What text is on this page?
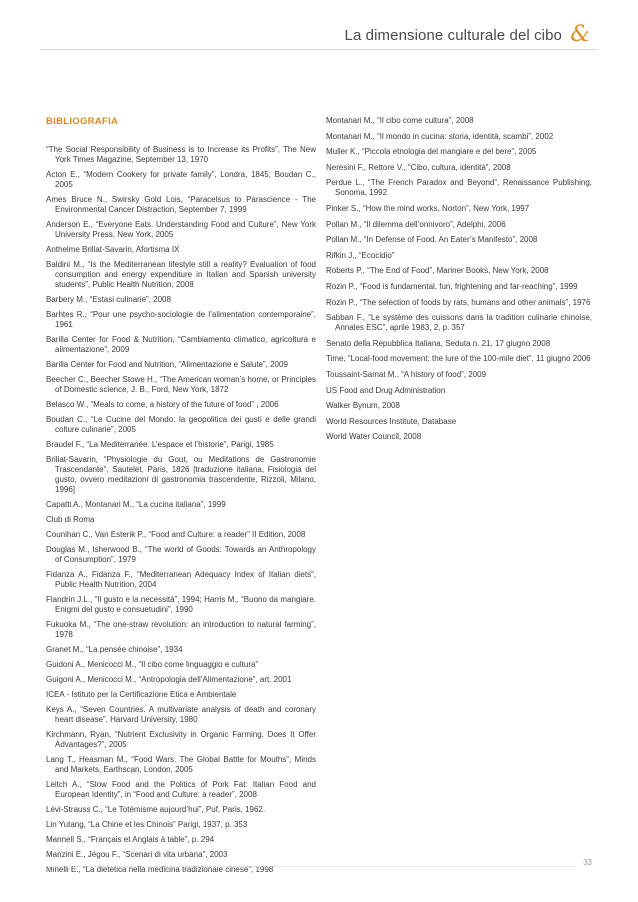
La dimensione culturale del cibo &
BIBLIOGRAFIA
“The Social Responsibility of Business is to Increase its Profits”, The New York Times Magazine, September 13, 1970
Acton E., “Modern Cookery for private family”, Londra, 1845; Boudan C., 2005
Ames Bruce N., Swirsky Gold Lois, “Paracelsus to Parascience - The Environmental Cancer Distraction, September 7, 1999
Anderson E., “Everyone Eats. Understanding Food and Culture”, New York University Press, New York, 2005
Anthelme Brillat-Savarin, Afortisma IX
Baldini M., “Is the Mediterranean lifestyle still a reality? Evaluation of food consumption and energy expenditure in Italian and Spanish university students”, Public Health Nutrition, 2008
Barbery M., “Estasi culinarie”, 2008
Barhtes R., “Pour une psycho-sociologie de l’alimentation contemporaine”, 1961
Barilla Center for Food & Nutrition, “Cambiamento climatico, agricoltura e alimentazione”, 2009
Barilla Center for Food and Nutrition, “Alimentazione e Salute”, 2009
Beecher C., Beecher Stowe H., “The American woman’s home, or Principles of Domestic science, J. B., Ford, New York, 1872
Belasco W., “Meals to come, a history of the future of food” , 2006
Boudan C., “Le Cucine del Mondo: la geopolitica dei gusti e delle grandi colture culinarie”, 2005
Braudel F., “La Mediterranée. L’espace et l’historie”, Parigi, 1985
Brillat-Savarin, “Physiologie du Gout, ou Meditations de Gastronomie Trascendante”, Sautelet, Paris, 1826 [traduzione italiana, Fisiologia del gusto, ovvero meditazioni di gastronomia trascendente, Rizzoli, Milano, 1996]
Capatti A., Montanari M., “La cucina italiana”, 1999
Club di Roma
Counihan C., Van Esterik P., “Food and Culture: a reader” II Edition, 2008
Douglas M., Isherwood B., “The world of Goods: Towards an Anthropology of Consumption”, 1979
Fidanza A., Fidanza F., “Mediterranean Adequacy Index of Italian diets”, Public Health Nutrition, 2004
Flandrin J.L., “Il gusto e la necessità”, 1994; Harris M., “Buono da mangiare. Enigmi del gusto e consuetudini”, 1990
Fukuoka M., “The one-straw revolution: an introduction to natural farming”, 1978
Granet M., “La pensée chinoise”, 1934
Guidoni A., Menicocci M., “Il cibo come linguaggio e cultura”
Guigoni A., Menicocci M., “Antropologia dell’Alimentazione”, art. 2001
ICEA - Istituto per la Certificazione Etica e Ambientale
Keys A., “Seven Countries. A multivariate analysis of death and coronary heart disease”, Harvard University, 1980
Kirchmann, Ryan, “Nutrient Exclusivity in Organic Farming. Does It Offer Advantages?”, 2005
Lang T., Heasman M., “Food Wars. The Global Battle for Mouths”, Minds and Markets, Earthscan, London, 2005
Leitch A., “Slow Food and the Politics of Pork Fat: Italian Food and European Identity”, in “Food and Culture: a reader”, 2008
Lévi-Strauss C., “Le Totémisme aujourd’hui”, Puf, Paris, 1962.
Lin Yutang, “La Chine et les Chinois” Parigi, 1937, p. 353
Mannell S., “Français et Anglais à table”, p. 294
Manzini E., Jégou F., “Scenari di vita urbana”, 2003
Minelli E., “La dietetica nella medicina tradizionale cinese”, 1998
Montanari M., “Il cibo come cultura”, 2008
Montanari M., “Il mondo in cucina: storia, identità, scambi”, 2002
Muller K., “Piccola etnologia del mangiare e del bere”, 2005
Neresini F., Rettore V., “Cibo, cultura, identità”, 2008
Perdue L., “The French Paradox and Beyond”, Renaissance Publishing, Sonoma, 1992
Pinker S., “How the mind works, Norton”, New York, 1997
Pollan M., “Il dilemma dell’onnivoro”, Adelphi, 2006
Pollan M., “In Defense of Food. An Eater’s Manifesto”, 2008
Rifkin J., “Ecocidio”
Roberts P., “The End of Food”, Mariner Books, New York, 2008
Rozin P., “Food is fundamental, fun, frightening and far-reaching”, 1999
Rozin P., “The selection of foods by rats, humans and other animals”, 1976
Sabban F., “Le système des cuissons dans la tradition culinarie chinoise, Annales ESC”, aprile 1983, 2, p. 357
Senato della Repubblica Italiana, Seduta n. 21, 17 giugno 2008
Time, “Local-food movement: the lure of the 100-mile diet”, 11 giugno 2006
Toussaint-Samat M., “A history of food”, 2009
US Food and Drug Administration
Walker Bynum, 2008
World Resources Institute, Database
World Water Council, 2008
33
